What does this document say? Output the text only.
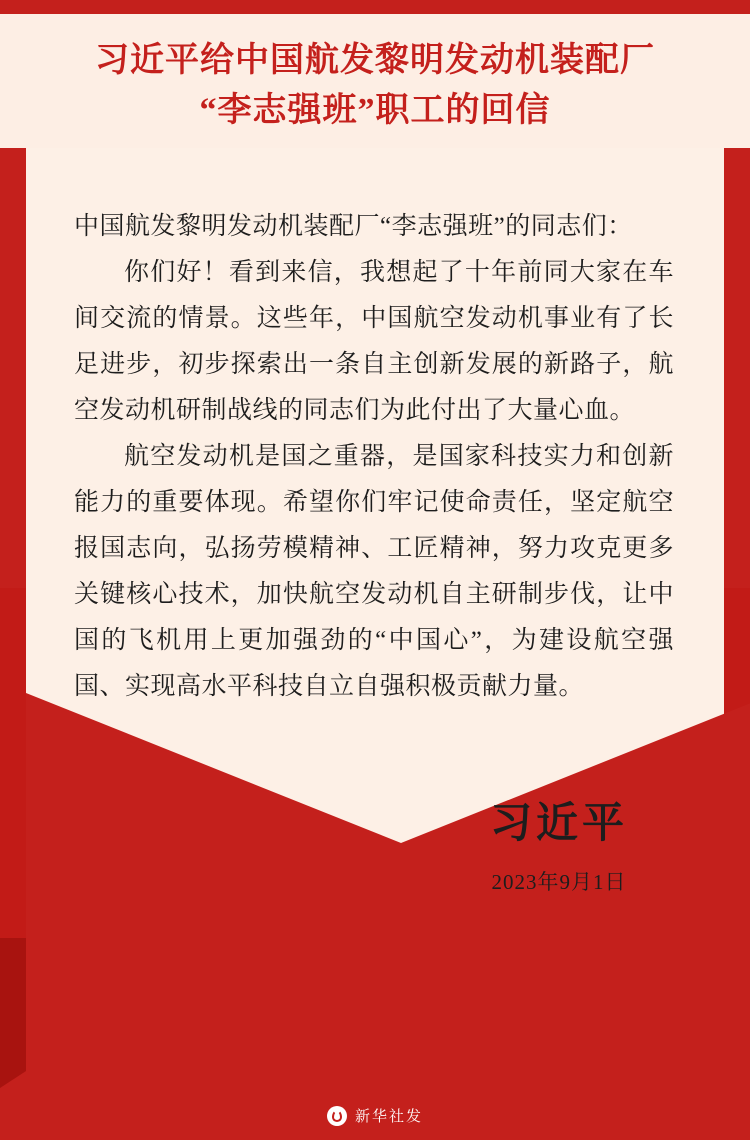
习近平给中国航发黎明发动机装配厂
“李志强班”职工的回信
中国航发黎明发动机装配厂“李志强班”的同志们：

你们好！看到来信，我想起了十年前同大家在车间交流的情景。这些年，中国航空发动机事业有了长足进步，初步探索出一条自主创新发展的新路子，航空发动机研制战线的同志们为此付出了大量心血。

航空发动机是国之重器，是国家科技实力和创新能力的重要体现。希望你们牢记使命责任，坚定航空报国志向，弘扬劳模精神、工匠精神，努力攻克更多关键核心技术，加快航空发动机自主研制步伐，让中国的飞机用上更加强劲的“中国心”，为建设航空强国、实现高水平科技自立自强积极贡献力量。

习近平
2023年9月1日
新华社发
